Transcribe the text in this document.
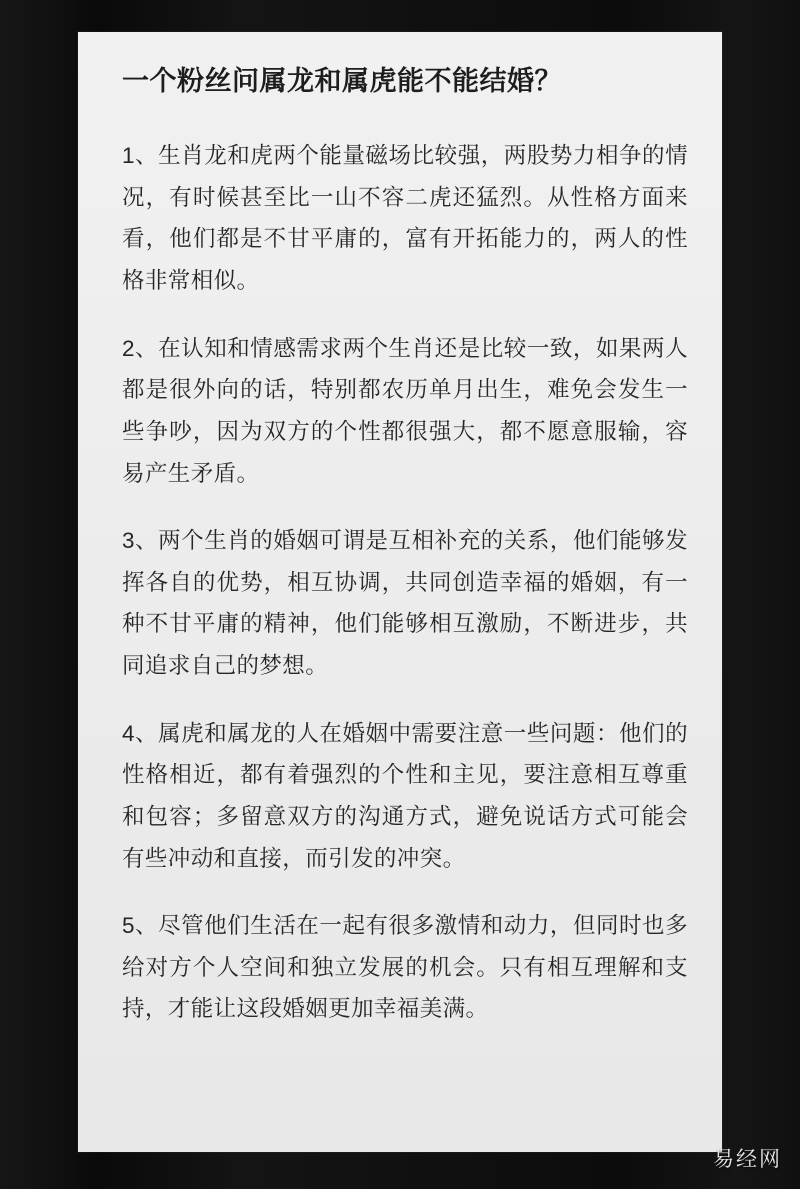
一个粉丝问属龙和属虎能不能结婚？

1、生肖龙和虎两个能量磁场比较强，两股势力相争的情况，有时候甚至比一山不容二虎还猛烈。从性格方面来看，他们都是不甘平庸的，富有开拓能力的，两人的性格非常相似。

2、在认知和情感需求两个生肖还是比较一致，如果两人都是很外向的话，特别都农历单月出生，难免会发生一些争吵，因为双方的个性都很强大，都不愿意服输，容易产生矛盾。

3、两个生肖的婚姻可谓是互相补充的关系，他们能够发挥各自的优势，相互协调，共同创造幸福的婚姻，有一种不甘平庸的精神，他们能够相互激励，不断进步，共同追求自己的梦想。

4、属虎和属龙的人在婚姻中需要注意一些问题：他们的性格相近，都有着强烈的个性和主见，要注意相互尊重和包容；多留意双方的沟通方式，避免说话方式可能会有些冲动和直接，而引发的冲突。

5、尽管他们生活在一起有很多激情和动力，但同时也多给对方个人空间和独立发展的机会。只有相互理解和支持，才能让这段婚姻更加幸福美满。

易经网
